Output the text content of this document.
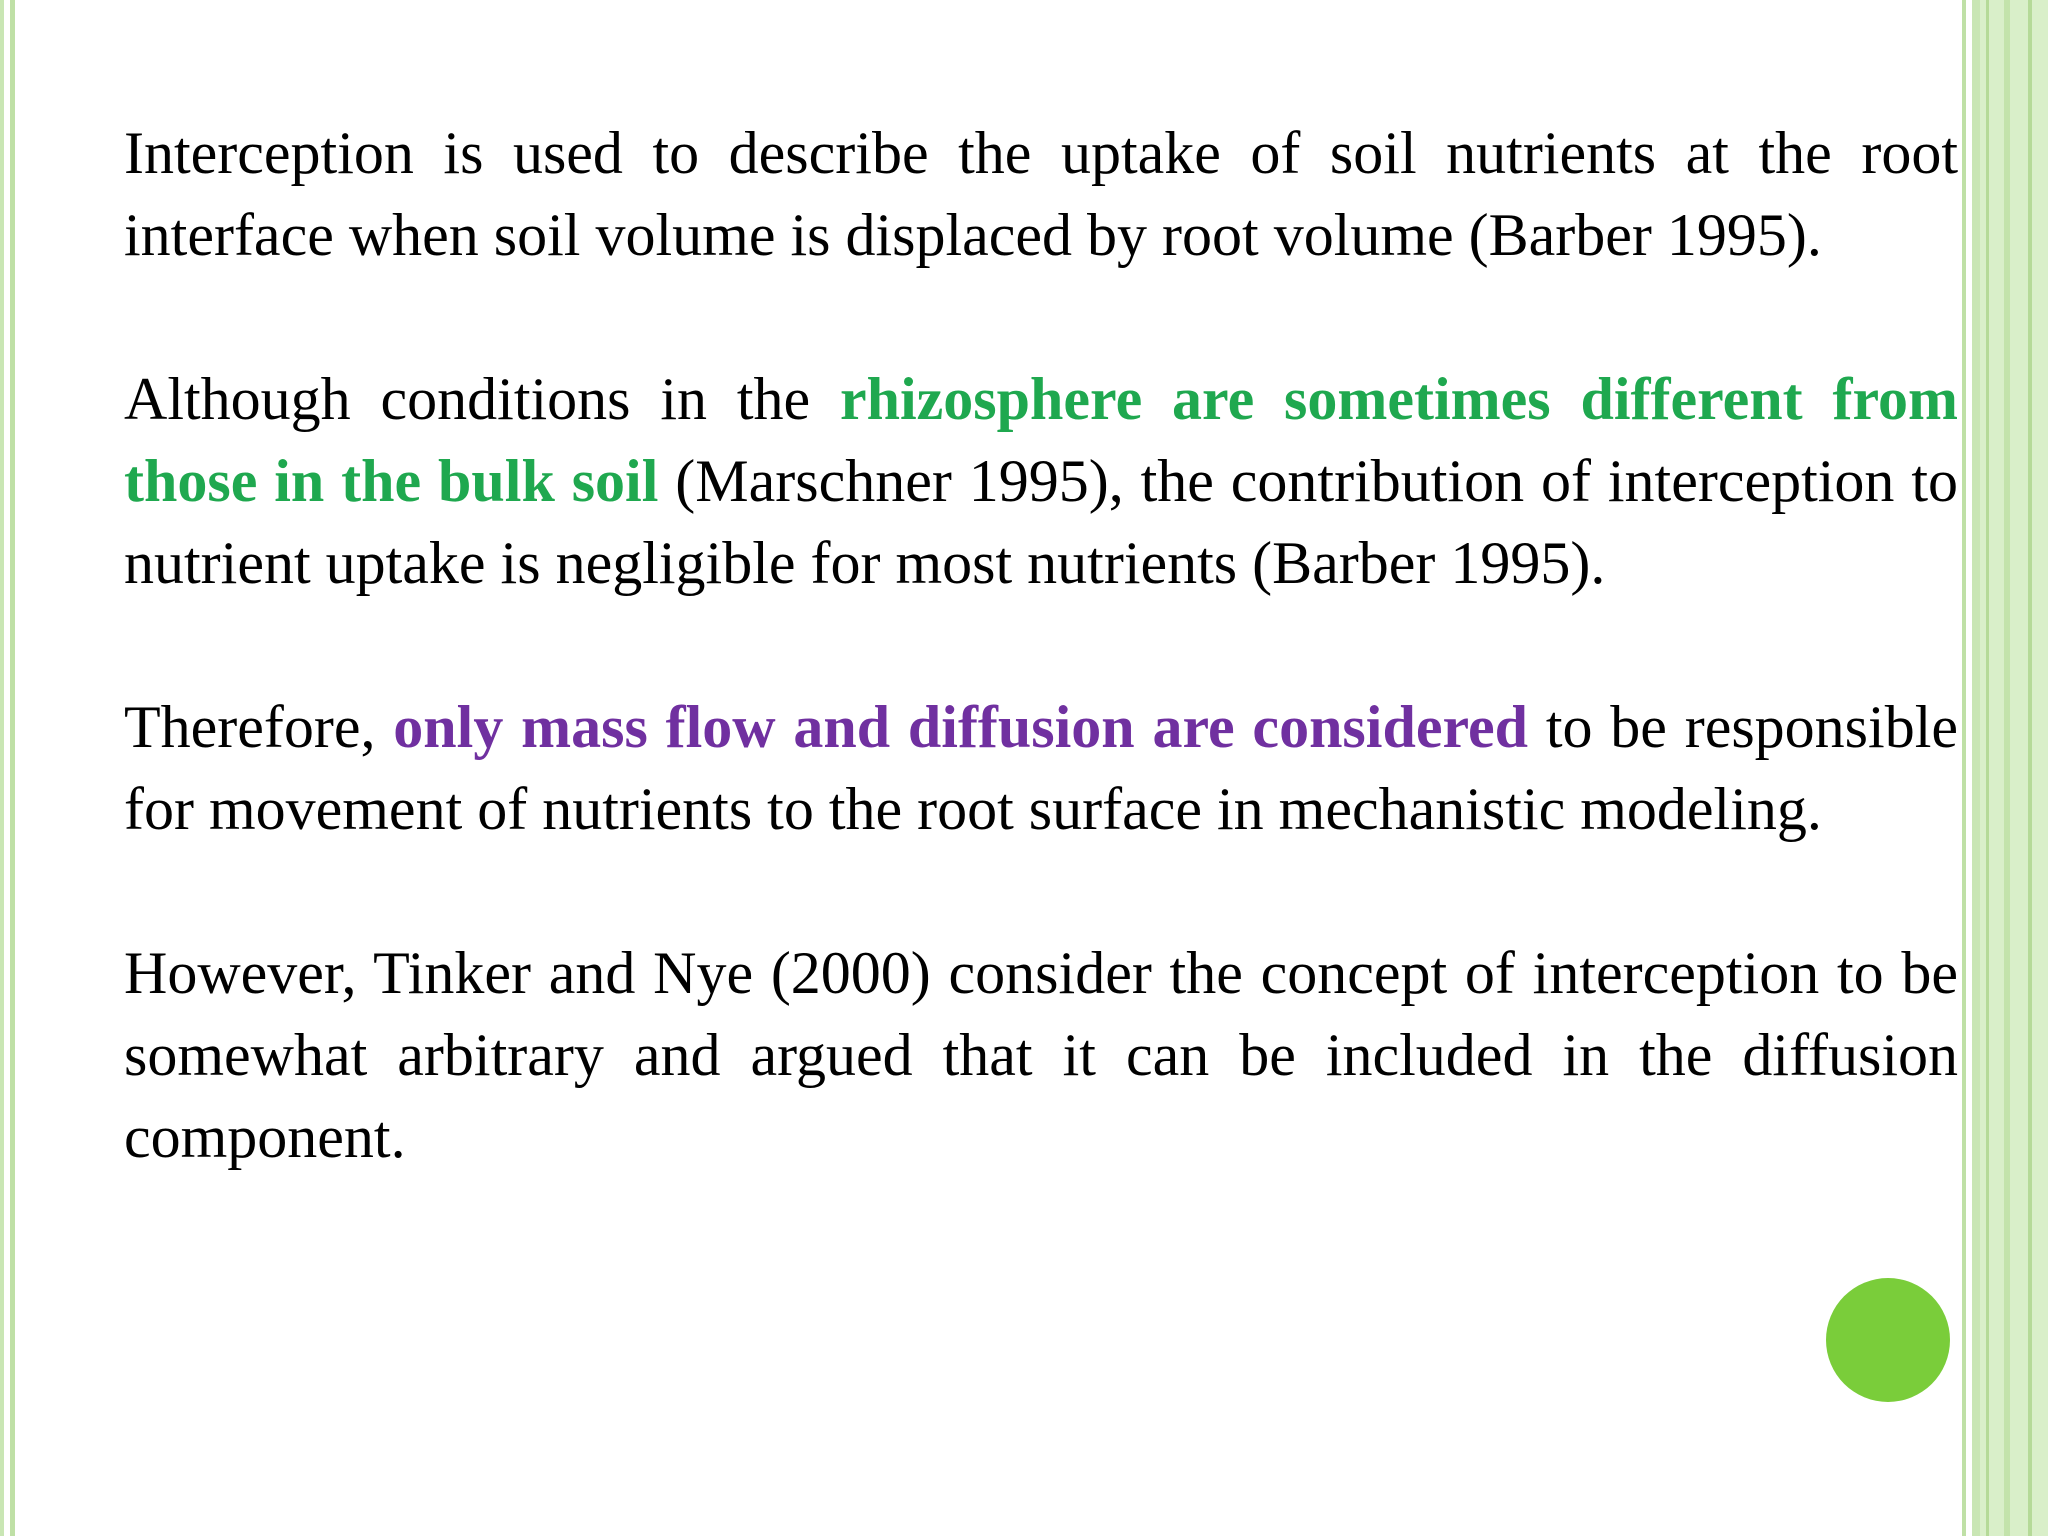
Interception is used to describe the uptake of soil nutrients at the root interface when soil volume is displaced by root volume (Barber 1995).

Although conditions in the rhizosphere are sometimes different from those in the bulk soil (Marschner 1995), the contribution of interception to nutrient uptake is negligible for most nutrients (Barber 1995).

Therefore, only mass flow and diffusion are considered to be responsible for movement of nutrients to the root surface in mechanistic modeling.

However, Tinker and Nye (2000) consider the concept of interception to be somewhat arbitrary and argued that it can be included in the diffusion component.
